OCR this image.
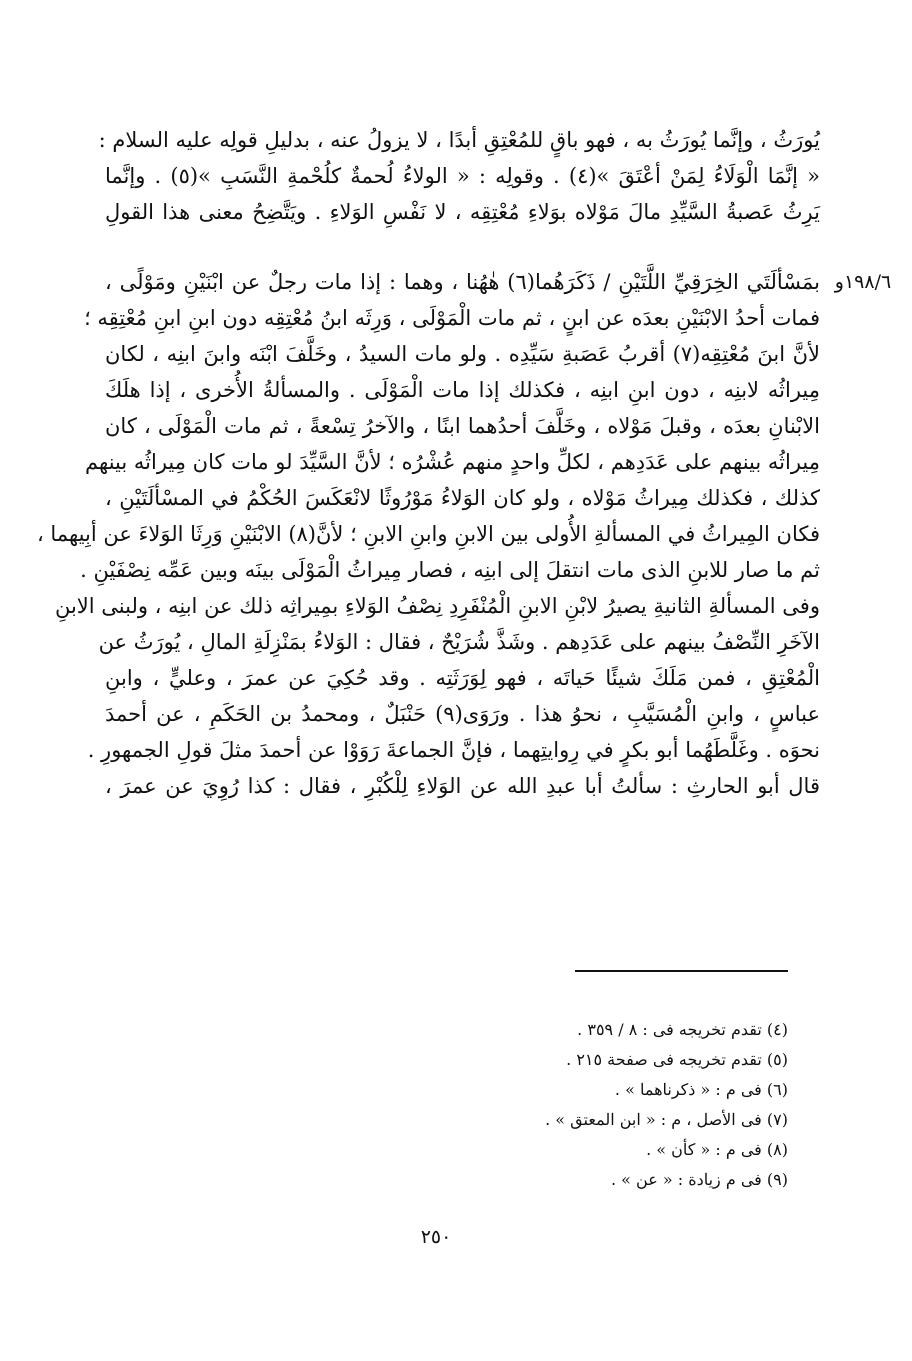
١٩٨/٦و
يُورَثُ ، وإنَّما يُورَثُ به ، فهو باقٍ للمُعْتِقِ أبدًا ، لا يزولُ عنه ، بدليلِ قولِه عليه السلام :
« إنَّمَا الْوَلَاءُ لِمَنْ أعْتَقَ »(٤) . وقولِه : « الولاءُ لُحمةٌ كلُحْمةِ النَّسَبِ »(٥) . وإنَّما
يَرِثُ عَصبةُ السَّيِّدِ مالَ مَوْلاه بوَلاءِ مُعْتِقِه ، لا نَفْسِ الوَلاءِ . ويَتَّضِحُ معنى هذا القولِ
بمَسْألَتَي الخِرَقِيِّ اللَّتَيْنِ / ذَكَرَهُما(٦) هٰهُنا ، وهما : إذا مات رجلٌ عن ابْنَيْنِ ومَوْلًى ،
فمات أحدُ الابْنَيْنِ بعدَه عن ابنٍ ، ثم مات الْمَوْلَى ، وَرِثَه ابنُ مُعْتِقِه دون ابنِ ابنِ مُعْتِقِه ؛
لأنَّ ابنَ مُعْتِقِه(٧) أقربُ عَصَبةِ سَيِّدِه . ولو مات السيدُ ، وخَلَّفَ ابْنَه وابنَ ابنِه ، لكان
مِيراثُه لابنِه ، دون ابنِ ابنِه ، فكذلك إذا مات الْمَوْلَى . والمسألةُ الأُخرى ، إذا هلَكَ
الابْنانِ بعدَه ، وقبلَ مَوْلاه ، وخَلَّفَ أحدُهما ابنًا ، والآخرُ تِسْعةً ، ثم مات الْمَوْلَى ، كان
مِيراثُه بينهم على عَدَدِهم ، لكلِّ واحدٍ منهم عُشْرُه ؛ لأنَّ السَّيِّدَ لو مات كان مِيراثُه بينهم
كذلك ، فكذلك مِيراثُ مَوْلاه ، ولو كان الوَلاءُ مَوْرُوثًا لانْعَكَسَ الحُكْمُ في المسْألَتَيْنِ ،
فكان المِيراثُ في المسألةِ الأُولى بين الابنِ وابنِ الابنِ ؛ لأنَّ(٨) الابْنَيْنِ وَرِثَا الوَلاءَ عن أبِيهما ،
ثم ما صار للابنِ الذى مات انتقلَ إلى ابنِه ، فصار مِيراثُ الْمَوْلَى بينَه وبين عَمِّه نِصْفَيْنِ .
وفى المسألةِ الثانيةِ يصيرُ لابْنِ الابنِ الْمُنْفَرِدِ نِصْفُ الوَلاءِ بمِيراثِه ذلك عن ابنِه ، ولبنى الابنِ
الآخَرِ النِّصْفُ بينهم على عَدَدِهم . وشَذَّ شُرَيْحٌ ، فقال : الوَلاءُ بمَنْزِلَةِ المالِ ، يُورَثُ عن
الْمُعْتِقِ ، فمن مَلَكَ شيئًا حَياتَه ، فهو لِوَرَثَتِه . وقد حُكِيَ عن عمرَ ، وعليٍّ ، وابنِ
عباسٍ ، وابنِ الْمُسَيَّبِ ، نحوُ هذا . ورَوَى(٩) حَنْبَلٌ ، ومحمدُ بن الحَكَمِ ، عن أحمدَ
نحوَه . وغَلَّطَهُما أبو بكرٍ في رِوايتِهما ، فإنَّ الجماعةَ رَوَوْا عن أحمدَ مثلَ قولِ الجمهورِ .
قال أبو الحارثِ : سألتُ أبا عبدِ الله عن الوَلاءِ لِلْكُبْرِ ، فقال : كذا رُوِيَ عن عمرَ ،
(٤) تقدم تخريجه فى : ٨ / ٣٥٩ .
(٥) تقدم تخريجه فى صفحة ٢١٥ .
(٦) فى م : « ذكرناهما » .
(٧) فى الأصل ، م : « ابن المعتق » .
(٨) فى م : « كأن » .
(٩) فى م زيادة : « عن » .
٢٥٠
